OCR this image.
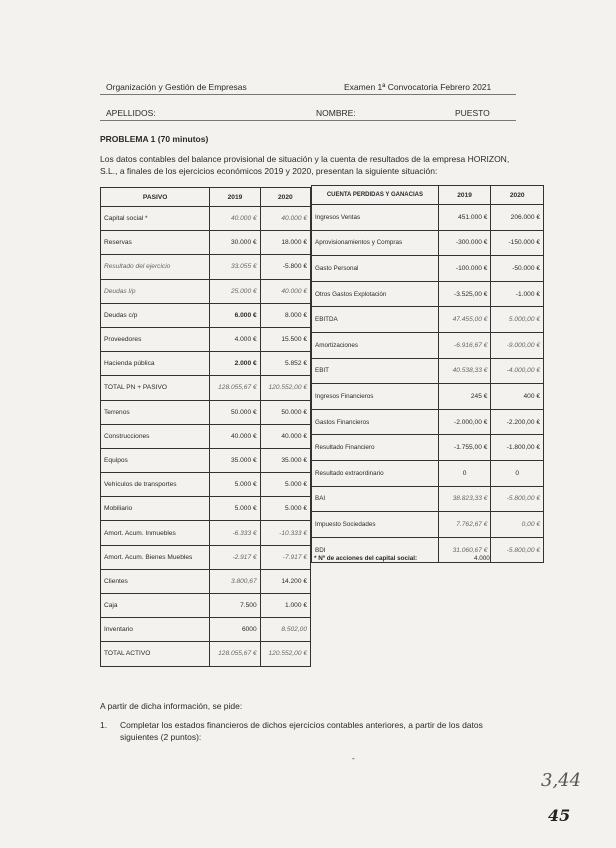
Organización y Gestión de Empresas	Examen 1ª Convocatoria Febrero 2021
APELLIDOS:	NOMBRE:	PUESTO
PROBLEMA 1 (70 minutos)
Los datos contables del balance provisional de situación y la cuenta de resultados de la empresa HORIZON, S.L., a finales de los ejercicios económicos 2019 y 2020, presentan la siguiente situación:
PASIVO	2019	2020
Capital social *	40.000 €	40.000 €
Reservas	30.000 €	18.000 €
Resultado del ejercicio	33.055 €	-5.800 €
Deudas l/p	25.000 €	40.000 €
Deudas c/p	6.000 €	8.000 €
Proveedores	4.000 €	15.500 €
Hacienda pública	2.000 €	5.852 €
TOTAL PN + PASIVO	128.055,67 €	120.552,00 €
Terrenos	50.000 €	50.000 €
Construcciones	40.000 €	40.000 €
Equipos	35.000 €	35.000 €
Vehículos de transportes	5.000 €	5.000 €
Mobiliario	5.000 €	5.000 €
Amort. Acum. Inmuebles	-6.333 €	-10.333 €
Amort. Acum. Bienes Muebles	-2.917 €	-7.917 €
Clientes	3.800,67	14.200 €
Caja	7.500	1.000 €
Inventario	6000	8.502,00
TOTAL ACTIVO	128.055,67 €	120.552,00 €
CUENTA PERDIDAS Y GANACIAS	2019	2020
Ingresos Ventas	451.000 €	206.000 €
Aprovisionamientos y Compras	-300.000 €	-150.000 €
Gasto Personal	-100.000 €	-50.000 €
Otros Gastos Explotación	-3.525,00 €	-1.000 €
EBITDA	47.455,00 €	5.000,00 €
Amortizaciones	-6.916,67 €	-9.000,00 €
EBIT	40.538,33 €	-4.000,00 €
Ingresos Financieros	245 €	400 €
Gastos Financieros	-2.000,00 €	-2.200,00 €
Resultado Financiero	-1.755,00 €	-1.800,00 €
Resultado extraordinario	0	0
BAI	38.823,33 €	-5.800,00 €
Impuesto Sociedades	7.762,67 €	0,00 €
BDI	31.060,67 €	-5.800,00 €
* Nº de acciones del capital social:	4.000
A partir de dicha información, se pide:
1.	Completar los estados financieros de dichos ejercicios contables anteriores, a partir de los datos siguientes (2 puntos):
-
3,44
45
